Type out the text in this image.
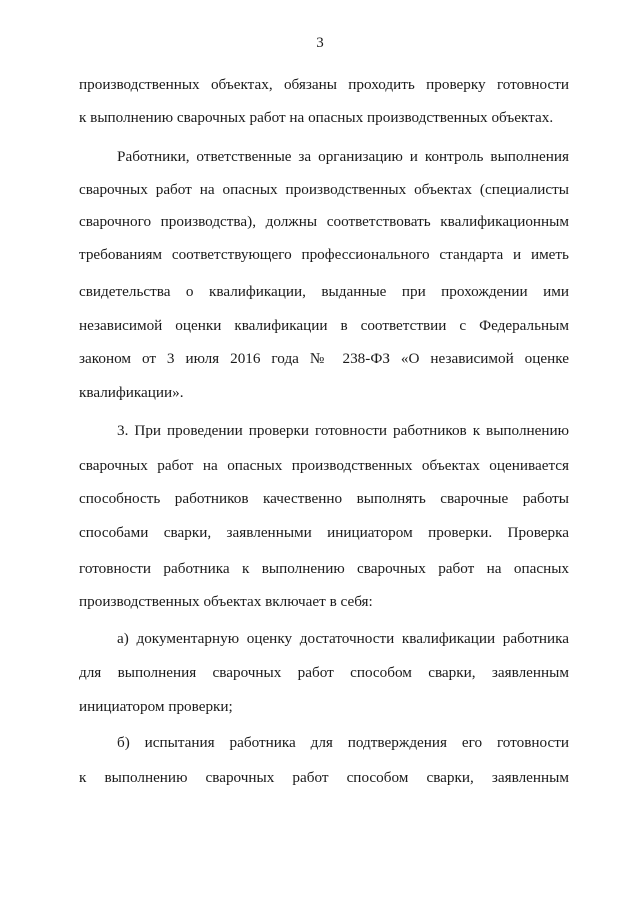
3
производственных объектах, обязаны проходить проверку готовности
к выполнению сварочных работ на опасных производственных объектах.
Работники, ответственные за организацию и контроль выполнения
сварочных работ на опасных производственных объектах (специалисты
сварочного производства), должны соответствовать квалификационным
требованиям соответствующего профессионального стандарта и иметь
свидетельства о квалификации, выданные при прохождении ими
независимой оценки квалификации в соответствии с Федеральным
законом от 3 июля 2016 года № 238-ФЗ «О независимой оценке
квалификации».
3. При проведении проверки готовности работников к выполнению
сварочных работ на опасных производственных объектах оценивается
способность работников качественно выполнять сварочные работы
способами сварки, заявленными инициатором проверки. Проверка
готовности работника к выполнению сварочных работ на опасных
производственных объектах включает в себя:
а) документарную оценку достаточности квалификации работника
для выполнения сварочных работ способом сварки, заявленным
инициатором проверки;
б) испытания работника для подтверждения его готовности
к выполнению сварочных работ способом сварки, заявленным
